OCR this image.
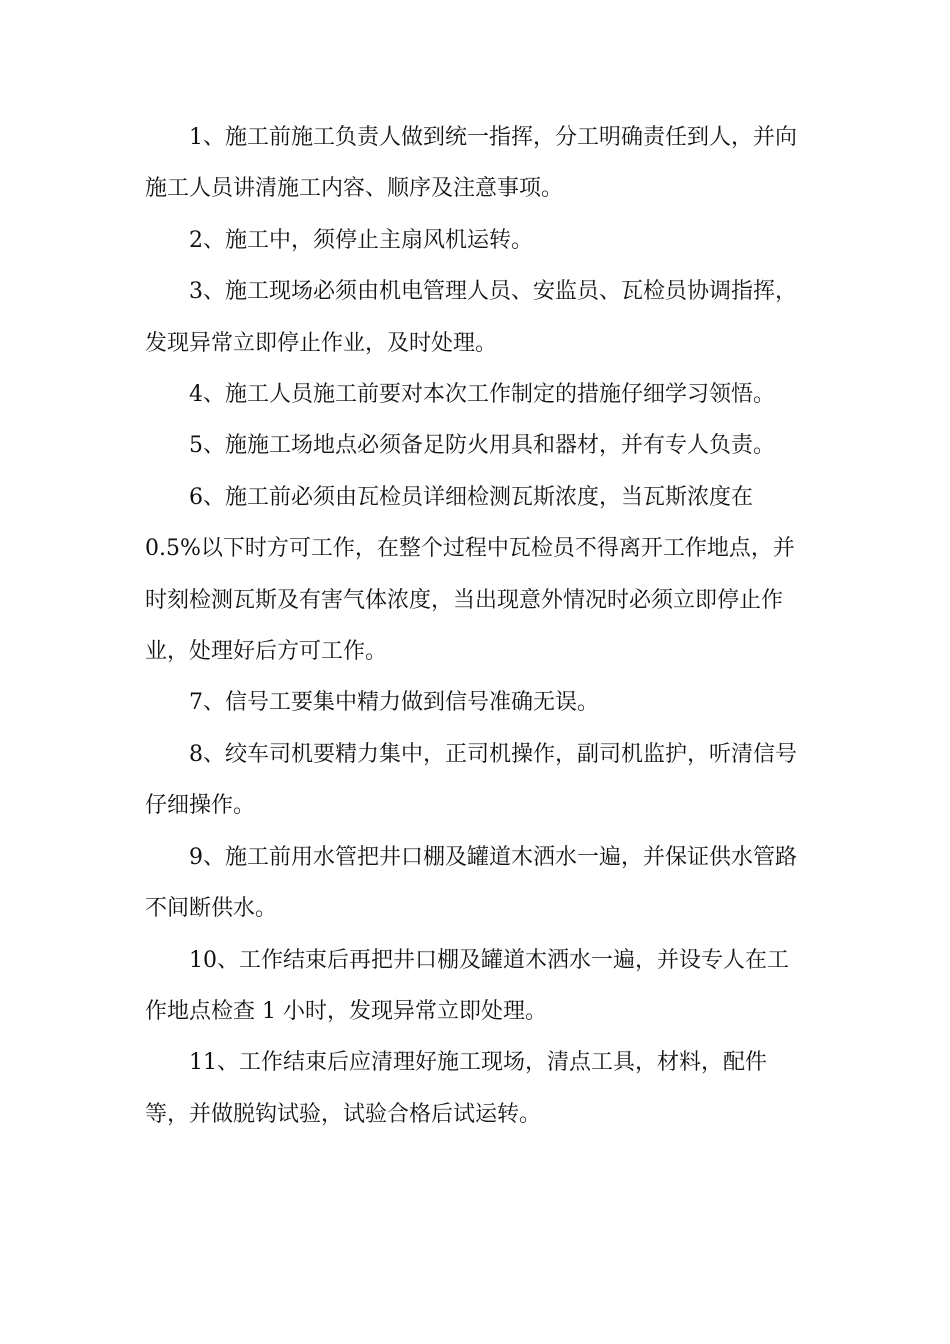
1、施工前施工负责人做到统一指挥，分工明确责任到人，并向
施工人员讲清施工内容、顺序及注意事项。

2、施工中，须停止主扇风机运转。

3、施工现场必须由机电管理人员、安监员、瓦检员协调指挥，
发现异常立即停止作业，及时处理。

4、施工人员施工前要对本次工作制定的措施仔细学习领悟。

5、施施工场地点必须备足防火用具和器材，并有专人负责。

6、施工前必须由瓦检员详细检测瓦斯浓度，当瓦斯浓度在
0.5%以下时方可工作，在整个过程中瓦检员不得离开工作地点，并
时刻检测瓦斯及有害气体浓度，当出现意外情况时必须立即停止作
业，处理好后方可工作。

7、信号工要集中精力做到信号准确无误。

8、绞车司机要精力集中，正司机操作，副司机监护，听清信号
仔细操作。

9、施工前用水管把井口棚及罐道木洒水一遍，并保证供水管路
不间断供水。

10、工作结束后再把井口棚及罐道木洒水一遍，并设专人在工
作地点检查 1 小时，发现异常立即处理。

11、工作结束后应清理好施工现场，清点工具，材料，配件
等，并做脱钩试验，试验合格后试运转。
